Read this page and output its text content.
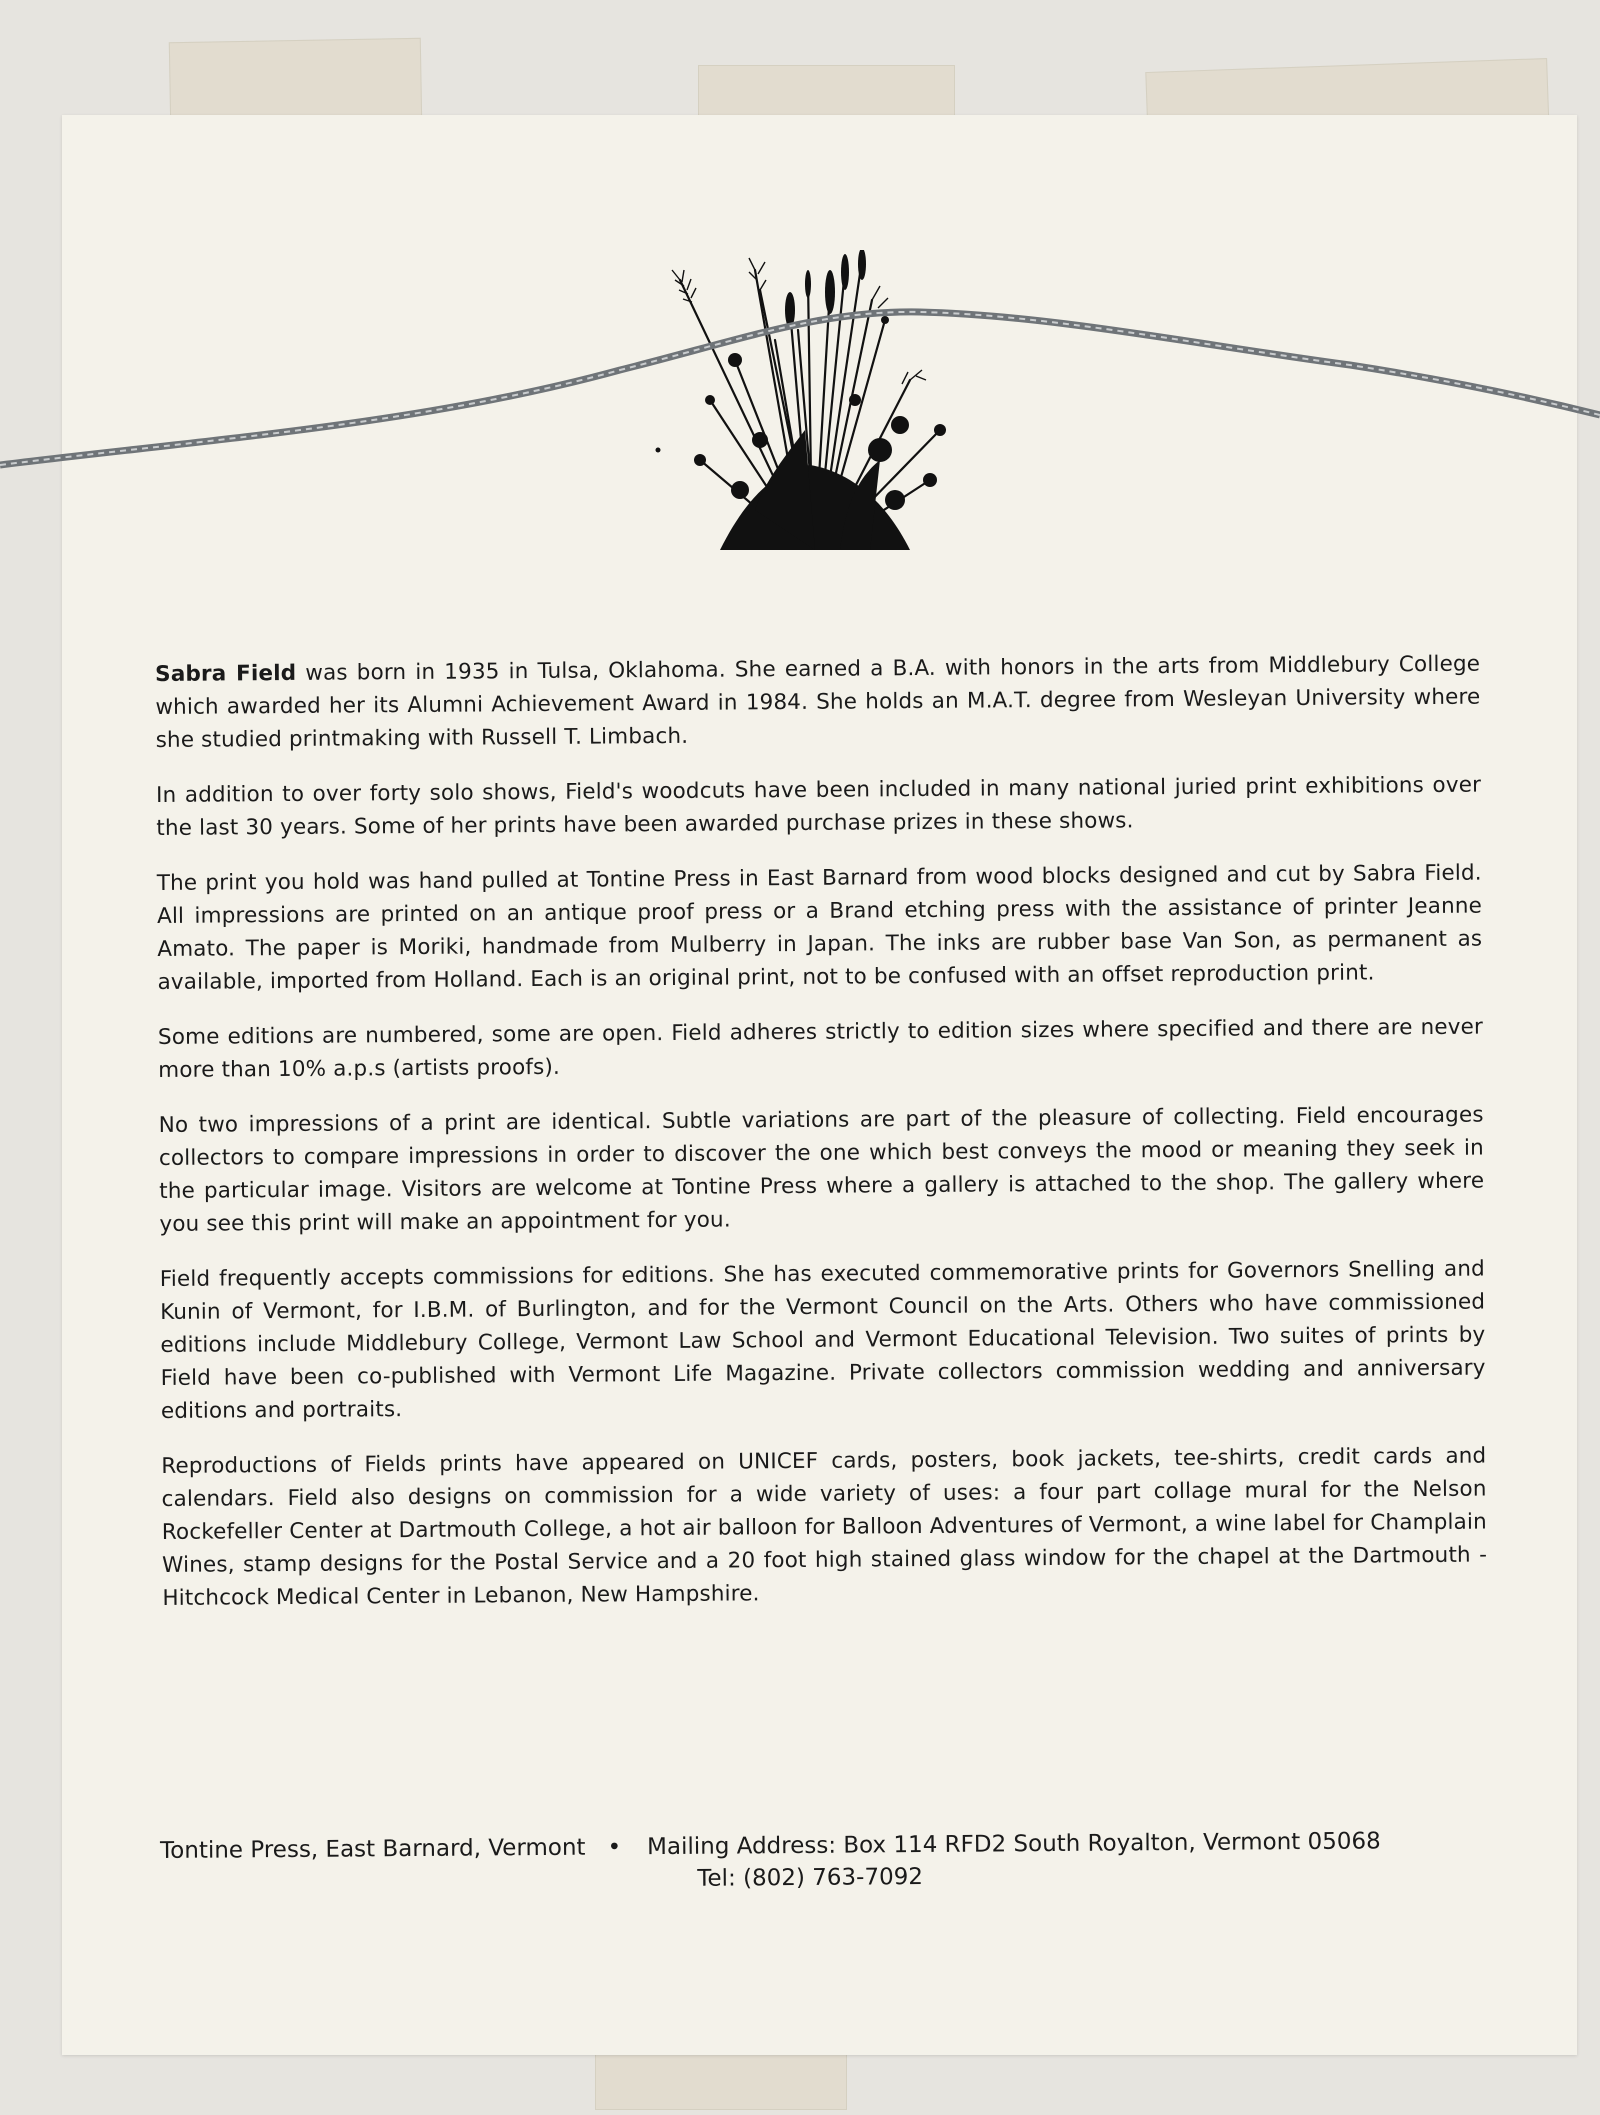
Sabra Field was born in 1935 in Tulsa, Oklahoma. She earned a B.A. with honors in the arts from Middlebury College which awarded her its Alumni Achievement Award in 1984. She holds an M.A.T. degree from Wesleyan University where she studied printmaking with Russell T. Limbach.

In addition to over forty solo shows, Field's woodcuts have been included in many national juried print exhibitions over the last 30 years. Some of her prints have been awarded purchase prizes in these shows.

The print you hold was hand pulled at Tontine Press in East Barnard from wood blocks designed and cut by Sabra Field. All impressions are printed on an antique proof press or a Brand etching press with the assistance of printer Jeanne Amato. The paper is Moriki, handmade from Mulberry in Japan. The inks are rubber base Van Son, as permanent as available, imported from Holland. Each is an original print, not to be confused with an offset reproduction print.

Some editions are numbered, some are open. Field adheres strictly to edition sizes where specified and there are never more than 10% a.p.s (artists proofs).

No two impressions of a print are identical. Subtle variations are part of the pleasure of collecting. Field encourages collectors to compare impressions in order to discover the one which best conveys the mood or meaning they seek in the particular image. Visitors are welcome at Tontine Press where a gallery is attached to the shop. The gallery where you see this print will make an appointment for you.

Field frequently accepts commissions for editions. She has executed commemorative prints for Governors Snelling and Kunin of Vermont, for I.B.M. of Burlington, and for the Vermont Council on the Arts. Others who have commissioned editions include Middlebury College, Vermont Law School and Vermont Educational Television. Two suites of prints by Field have been co-published with Vermont Life Magazine. Private collectors commission wedding and anniversary editions and portraits.

Reproductions of Fields prints have appeared on UNICEF cards, posters, book jackets, tee-shirts, credit cards and calendars. Field also designs on commission for a wide variety of uses: a four part collage mural for the Nelson Rockefeller Center at Dartmouth College, a hot air balloon for Balloon Adventures of Vermont, a wine label for Champlain Wines, stamp designs for the Postal Service and a 20 foot high stained glass window for the chapel at the Dartmouth - Hitchcock Medical Center in Lebanon, New Hampshire.

Tontine Press, East Barnard, Vermont • Mailing Address: Box 114 RFD2 South Royalton, Vermont 05068
Tel: (802) 763-7092
